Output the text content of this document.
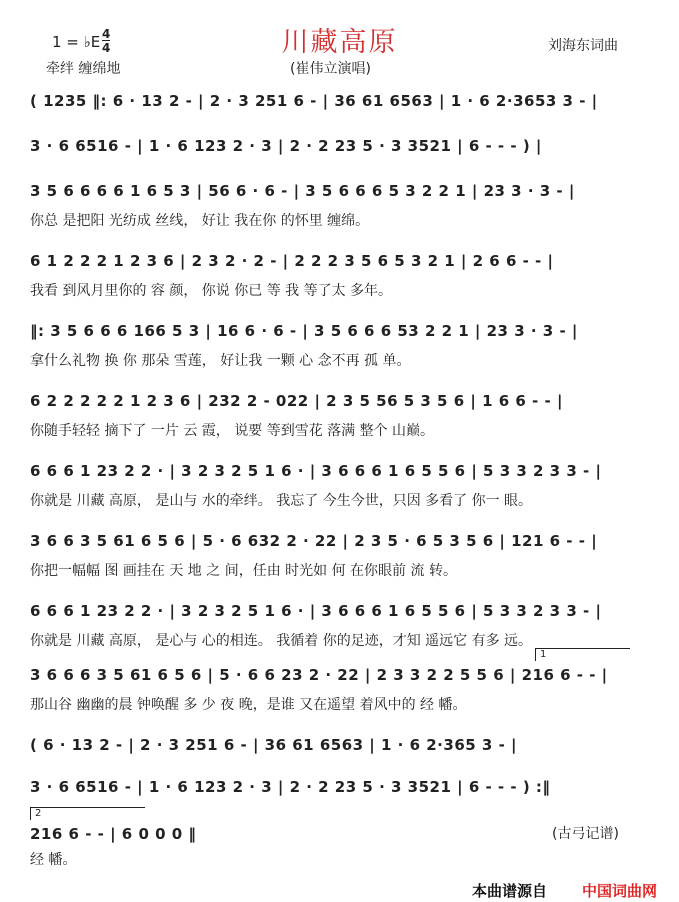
川藏高原
1 = ♭E $\frac{4}{4}$	刘海东词曲
牵绊 缠绵地	(崔伟立演唱)
( 1235 ‖: 6 · 13 2 - | 2 · 3 251 6 - | 36 61 6563 | 1 · 6 2·3653 3 - |
3 · 6 6516 - | 1 · 6 123 2 · 3 | 2 · 2 23 5 · 3 3521 | 6 - - - ) |
3 5 6 6 6 6 1 6 5 3 | 56 6 · 6 - | 3 5 6 6 6 5 3 2 2 1 | 23 3 · 3 - |
你总 是把阳 光纺成 丝线， 好让 我在你 的怀里 缠绵。
6 1 2 2 2 1 2 3 6 | 2 3 2 · 2 - | 2 2 2 3 5 6 5 3 2 1 | 2 6 6 - - |
我看 到风月里你的 容 颜， 你说 你已 等 我 等了太 多年。
‖: 3 5 6 6 6 166 5 3 | 16 6 · 6 - | 3 5 6 6 6 53 2 2 1 | 23 3 · 3 - |
拿什么礼物 换 你 那朵 雪莲， 好让我 一颗 心 念不再 孤 单。
6 2 2 2 2 2 1 2 3 6 | 232 2 - 022 | 2 3 5 56 5 3 5 6 | 1 6 6 - - |
你随手轻轻 摘下了 一片 云 霞， 说要 等到雪花 落满 整个 山巅。
6 6 6 1 23 2 2 · | 3 2 3 2 5 1 6 · | 3 6 6 6 1 6 5 5 6 | 5 3 3 2 3 3 - |
你就是 川藏 高原， 是山与 水的牵绊。 我忘了 今生今世，只因 多看了 你一 眼。
3 6 6 3 5 61 6 5 6 | 5 · 6 632 2 · 22 | 2 3 5 · 6 5 3 5 6 | 121 6 - - |
你把一幅幅 图 画挂在 天 地 之 间，任由 时光如 何 在你眼前 流 转。
6 6 6 1 23 2 2 · | 3 2 3 2 5 1 6 · | 3 6 6 6 1 6 5 5 6 | 5 3 3 2 3 3 - |
你就是 川藏 高原， 是心与 心的相连。 我循着 你的足迹，才知 遥远它 有多 远。
1
3 6 6 6 3 5 61 6 5 6 | 5 · 6 6 23 2 · 22 | 2 3 3 2 2 5 5 6 | 216 6 - - |
那山谷 幽幽的晨 钟唤醒 多 少 夜 晚，是谁 又在遥望 着风中的 经 幡。
( 6 · 13 2 - | 2 · 3 251 6 - | 36 61 6563 | 1 · 6 2·365 3 - |
3 · 6 6516 - | 1 · 6 123 2 · 3 | 2 · 2 23 5 · 3 3521 | 6 - - - ) :‖
2
216 6 - - | 6 0 0 0 ‖
经 幡。
(古弓记谱)
本曲谱源自 中国词曲网
